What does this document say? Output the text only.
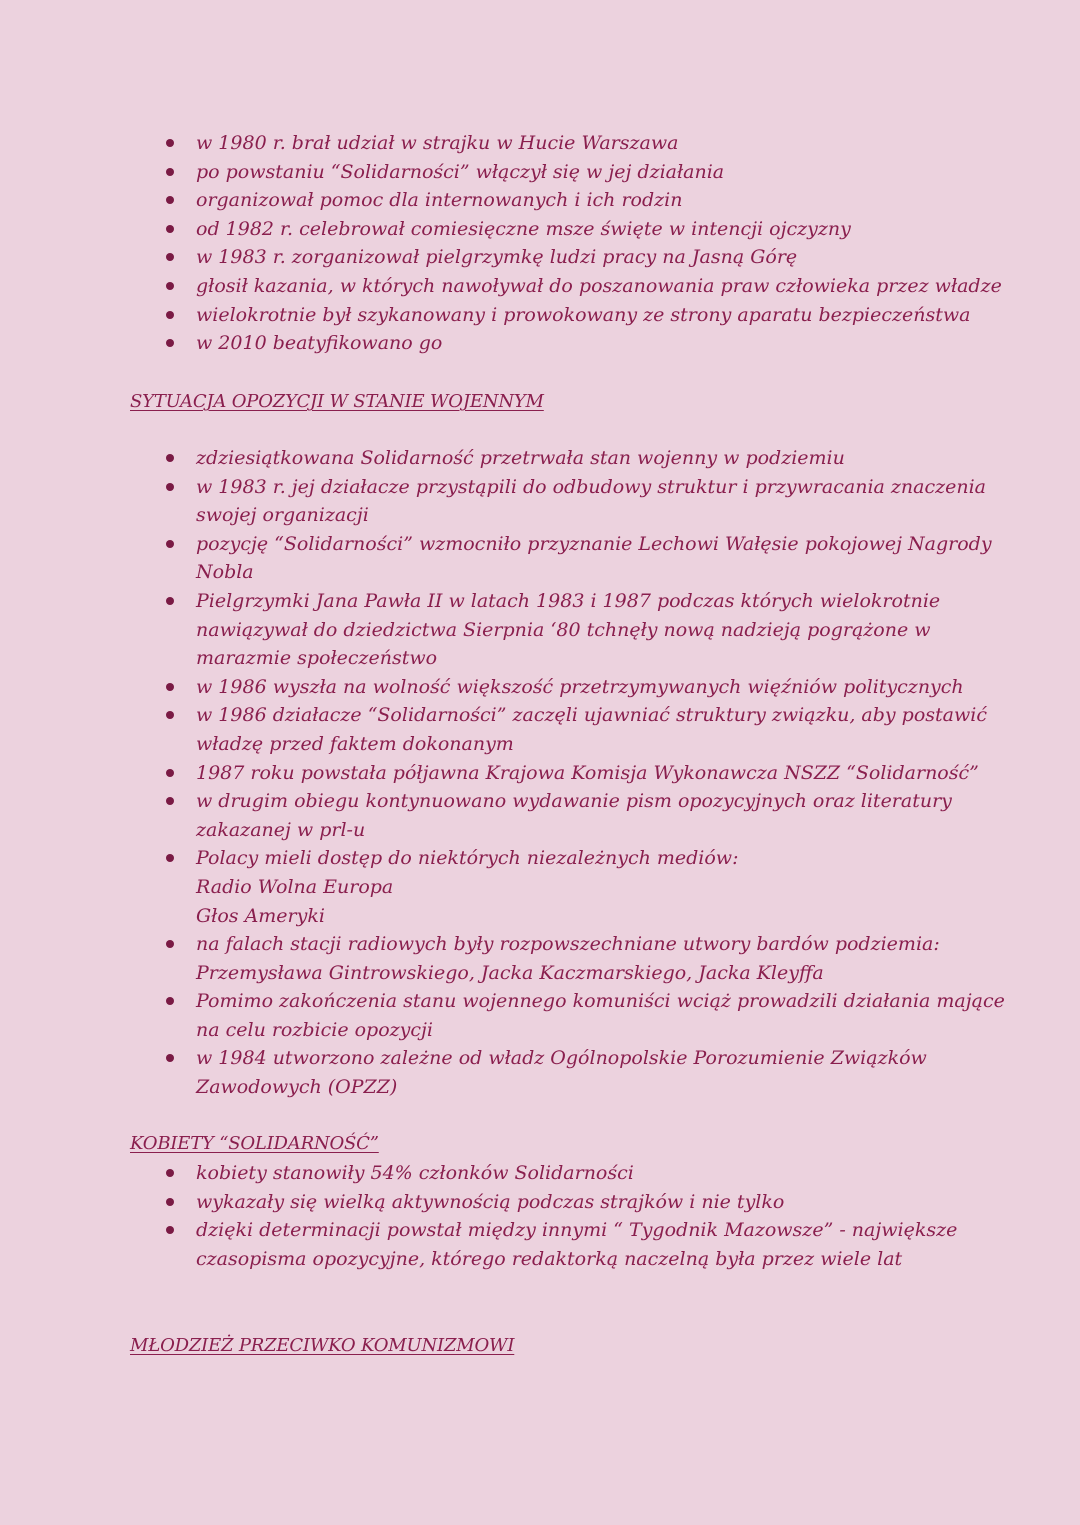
w 1980 r. brał udział w strajku w Hucie Warszawa
po powstaniu “Solidarności” włączył się w jej działania
organizował pomoc dla internowanych i ich rodzin
od 1982 r. celebrował comiesięczne msze święte w intencji ojczyzny
w 1983 r. zorganizował pielgrzymkę ludzi pracy na Jasną Górę
głosił kazania, w których nawoływał do poszanowania praw człowieka przez władze
wielokrotnie był szykanowany i prowokowany ze strony aparatu bezpieczeństwa
w 2010 beatyfikowano go
SYTUACJA OPOZYCJI W STANIE WOJENNYM
zdziesiątkowana Solidarność przetrwała stan wojenny w podziemiu
w 1983 r. jej działacze przystąpili do odbudowy struktur i przywracania znaczenia
swojej organizacji
pozycję “Solidarności” wzmocniło przyznanie Lechowi Wałęsie pokojowej Nagrody
Nobla
Pielgrzymki Jana Pawła II w latach 1983 i 1987 podczas których wielokrotnie
nawiązywał do dziedzictwa Sierpnia ‘80 tchnęły nową nadzieją pogrążone w
marazmie społeczeństwo
w 1986 wyszła na wolność większość przetrzymywanych więźniów politycznych
w 1986 działacze “Solidarności” zaczęli ujawniać struktury związku, aby postawić
władzę przed faktem dokonanym
1987 roku powstała półjawna Krajowa Komisja Wykonawcza NSZZ “Solidarność”
w drugim obiegu kontynuowano wydawanie pism opozycyjnych oraz literatury
zakazanej w prl-u
Polacy mieli dostęp do niektórych niezależnych mediów:
Radio Wolna Europa
Głos Ameryki
na falach stacji radiowych były rozpowszechniane utwory bardów podziemia:
Przemysława Gintrowskiego, Jacka Kaczmarskiego, Jacka Kleyffa
Pomimo zakończenia stanu wojennego komuniści wciąż prowadzili działania mające
na celu rozbicie opozycji
w 1984 utworzono zależne od władz Ogólnopolskie Porozumienie Związków
Zawodowych (OPZZ)
KOBIETY “SOLIDARNOŚĆ”
kobiety stanowiły 54% członków Solidarności
wykazały się wielką aktywnością podczas strajków i nie tylko
dzięki determinacji powstał między innymi “ Tygodnik Mazowsze” - największe
czasopisma opozycyjne, którego redaktorką naczelną była przez wiele lat
MŁODZIEŻ PRZECIWKO KOMUNIZMOWI
